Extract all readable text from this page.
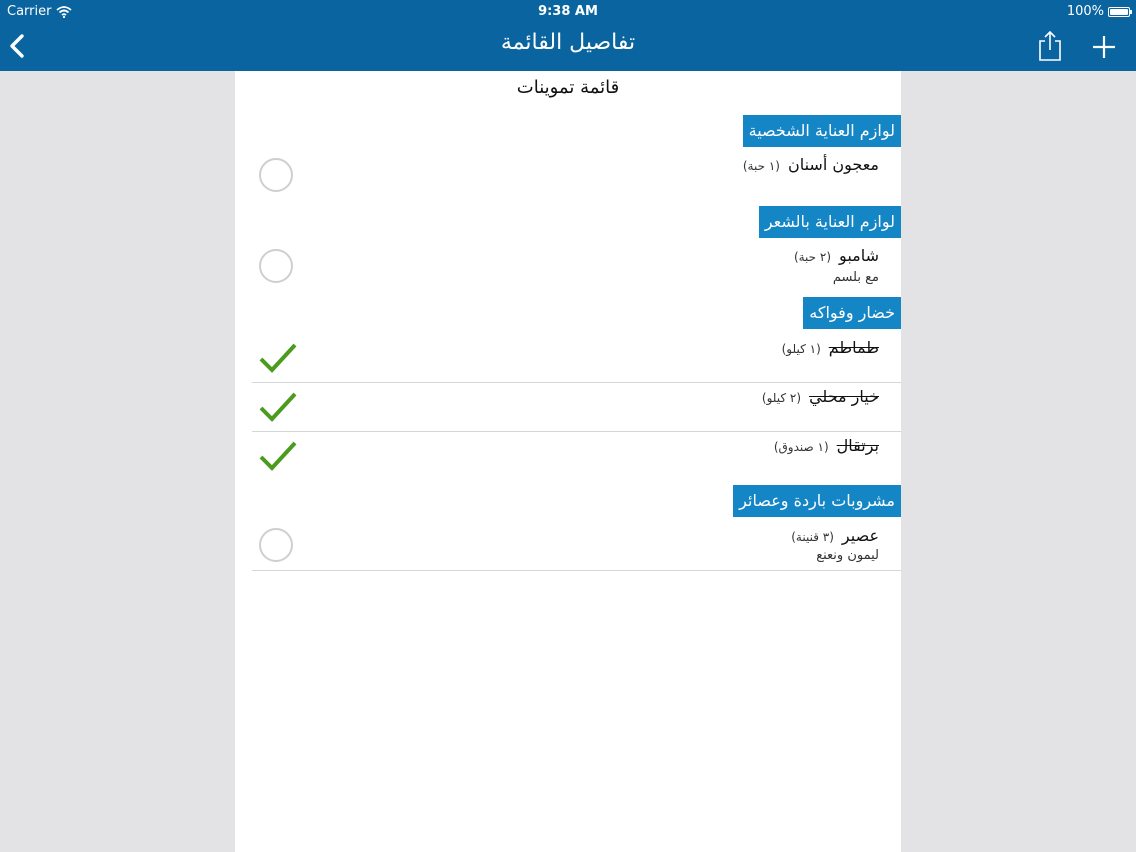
Carrier	9:38 AM	100%
تفاصيل القائمة
قائمة تموينات
لوازم العناية الشخصية
معجون أسنان(١ حبة)
لوازم العناية بالشعر
شامبو(٢ حبة)
مع بلسم
خضار وفواكه
طماطم(١ كيلو)
خيار محلي(٢ كيلو)
برتقال(١ صندوق)
مشروبات باردة وعصائر
عصير(٣ قنينة)
ليمون ونعنع
